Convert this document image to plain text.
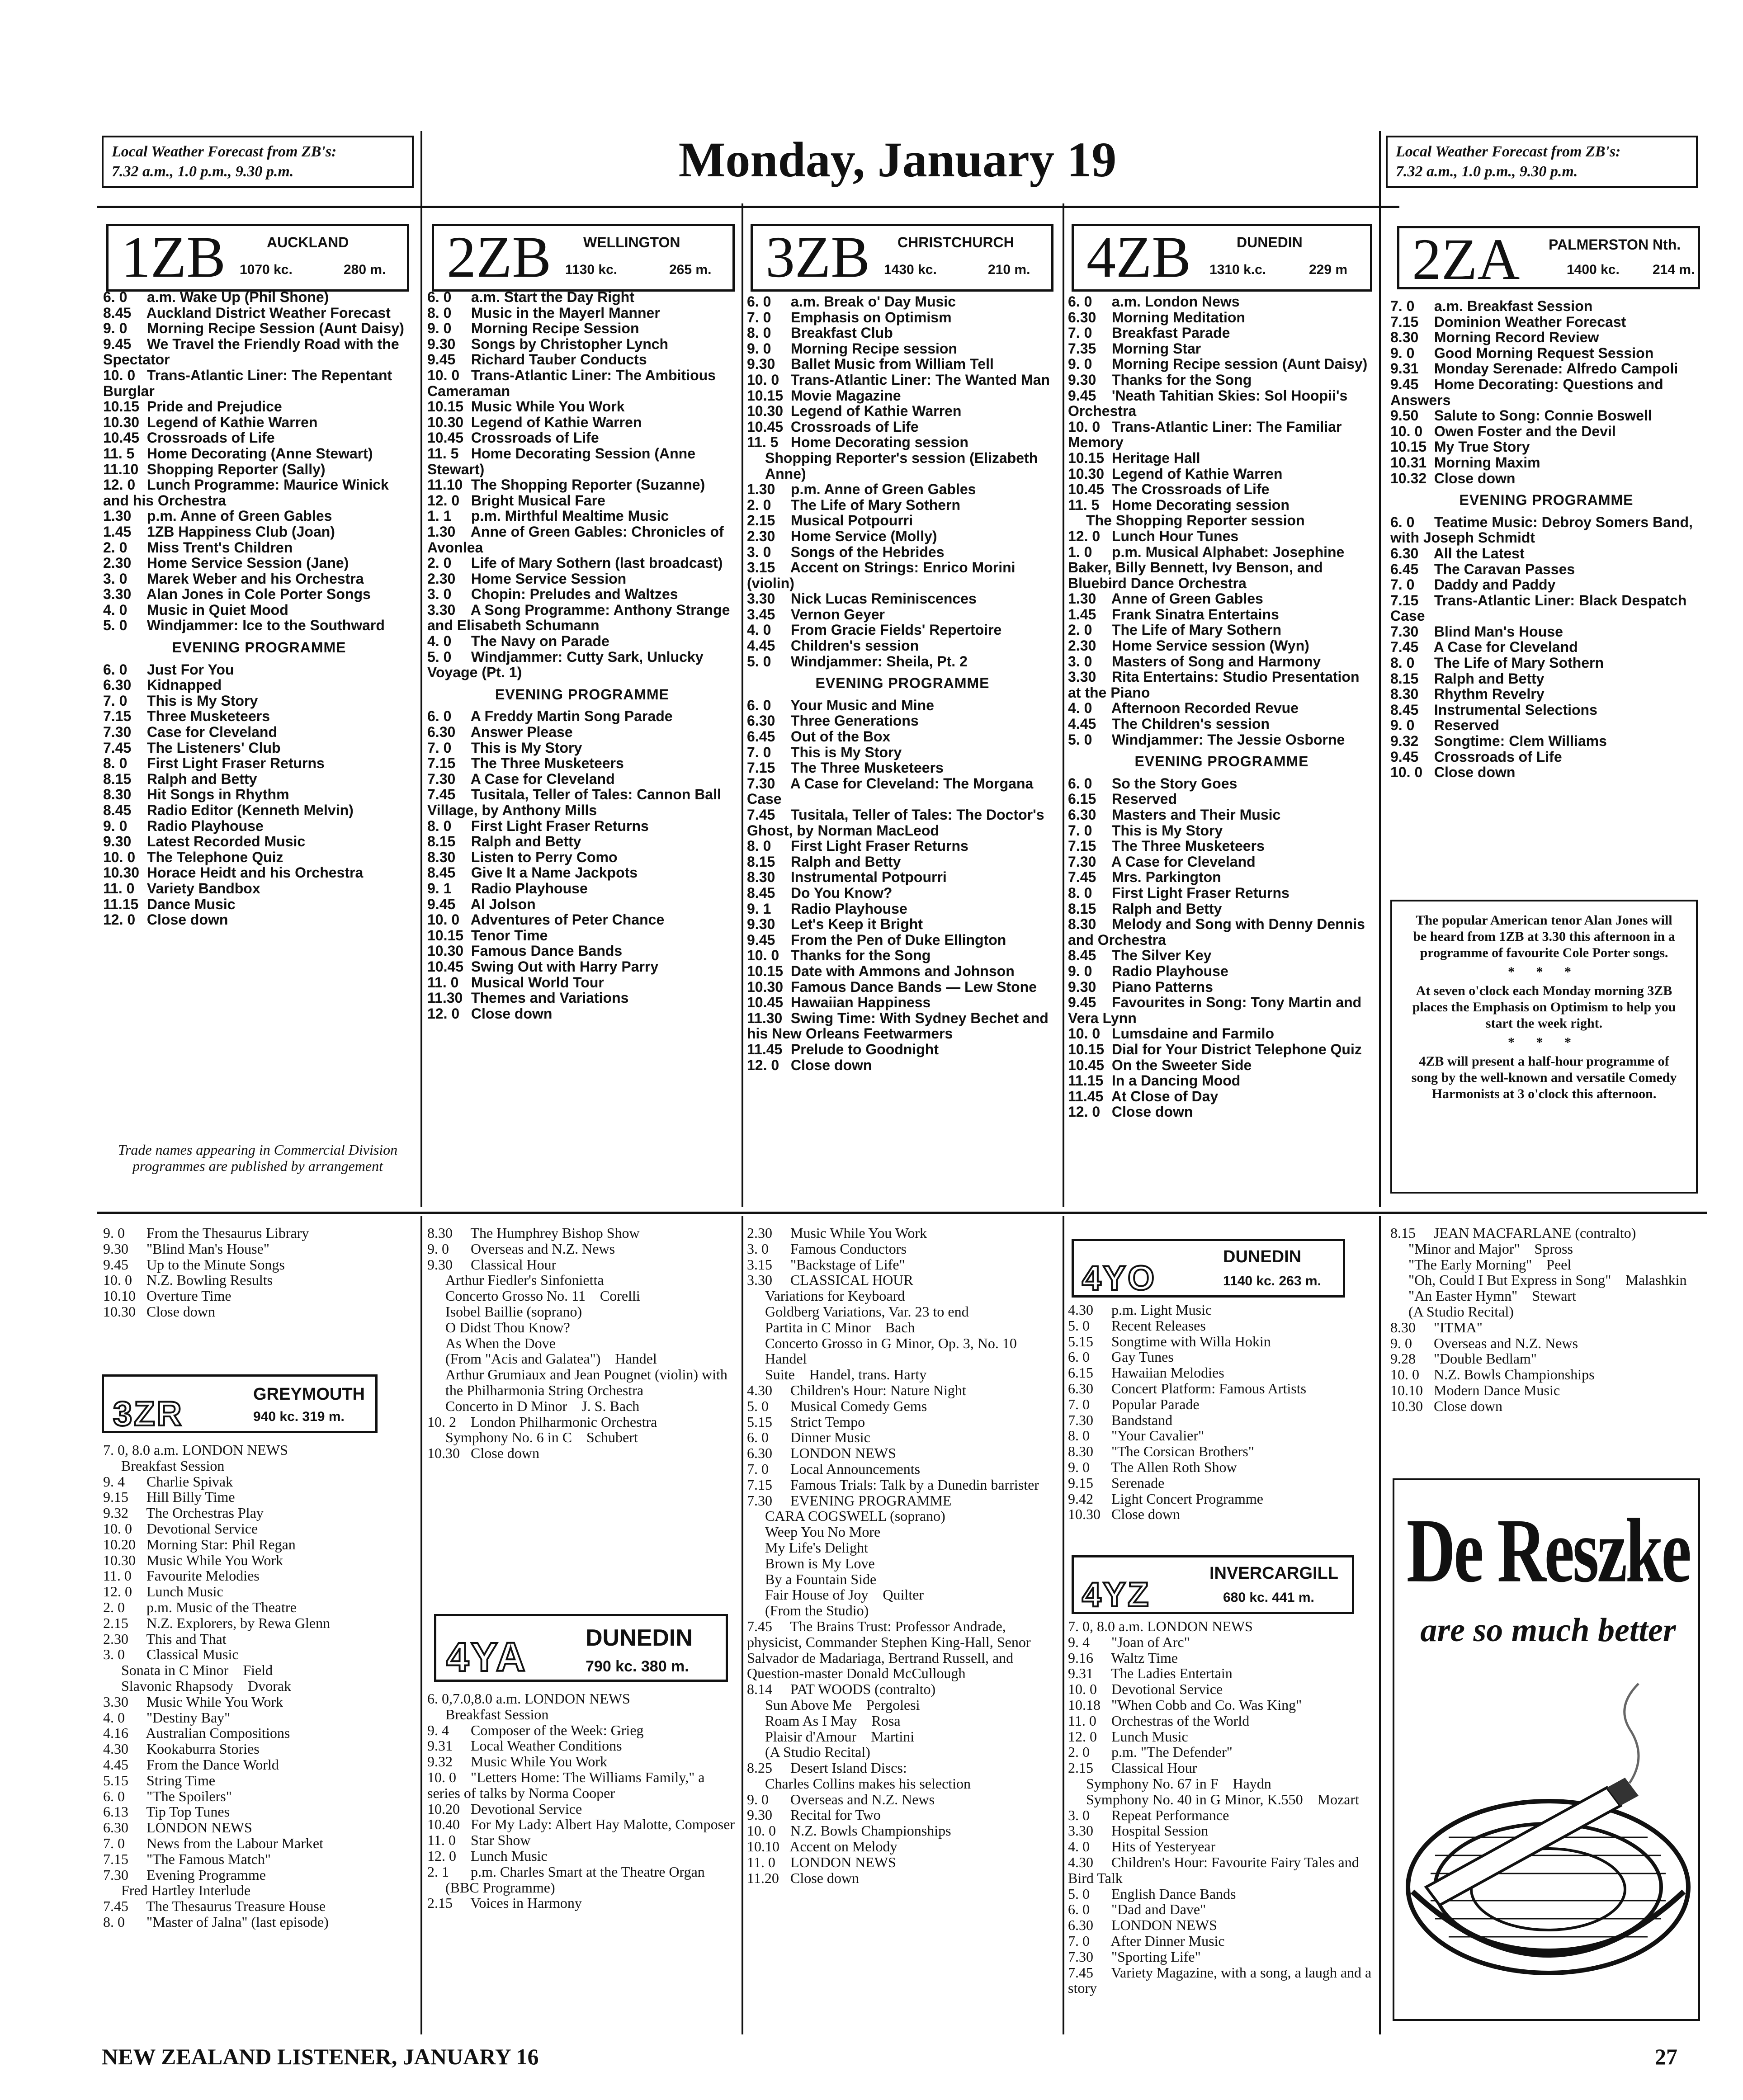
Local Weather Forecast from ZB's:
7.32 a.m., 1.0 p.m., 9.30 p.m.	Monday, January 19	Local Weather Forecast from ZB's:
7.32 a.m., 1.0 p.m., 9.30 p.m.
1ZB	AUCKLAND
1070 kc.	280 m. 2ZB WELLINGTON
1130 kc.	265 m. 3ZB CHRISTCHURCH
1430 kc.	210 m. 4ZB	DUNEDIN
1310 k.c.	229 m 2ZA PALMERSTON Nth.
1400 kc. 214 m.
6. 0 a.m. Wake Up (Phil Shone)
8.45 Auckland District Weather Forecast
9. 0 Morning Recipe Session (Aunt Daisy)
9.45 We Travel the Friendly Road with the Spectator
10. 0 Trans-Atlantic Liner: The Repentant Burglar
10.15 Pride and Prejudice
10.30 Legend of Kathie Warren
10.45 Crossroads of Life
11. 5 Home Decorating (Anne Stewart)
11.10 Shopping Reporter (Sally)
12. 0 Lunch Programme: Maurice Winick and his Orchestra
1.30 p.m. Anne of Green Gables
1.45 1ZB Happiness Club (Joan)
2. 0 Miss Trent's Children
2.30 Home Service Session (Jane)
3. 0 Marek Weber and his Orchestra
3.30 Alan Jones in Cole Porter Songs
4. 0 Music in Quiet Mood
5. 0 Windjammer: Ice to the Southward
EVENING PROGRAMME
6. 0 Just For You
6.30 Kidnapped
7. 0 This is My Story
7.15 Three Musketeers
7.30 Case for Cleveland
7.45 The Listeners' Club
8. 0 First Light Fraser Returns
8.15 Ralph and Betty
8.30 Hit Songs in Rhythm
8.45 Radio Editor (Kenneth Melvin)
9. 0 Radio Playhouse
9.30 Latest Recorded Music
10. 0 The Telephone Quiz
10.30 Horace Heidt and his Orchestra
11. 0 Variety Bandbox
11.15 Dance Music
12. 0 Close down
Trade names appearing in Commercial Division programmes are published by arrangement
6. 0 a.m. Start the Day Right
8. 0 Music in the Mayerl Manner
9. 0 Morning Recipe Session
9.30 Songs by Christopher Lynch
9.45 Richard Tauber Conducts
10. 0 Trans-Atlantic Liner: The Ambitious Cameraman
10.15 Music While You Work
10.30 Legend of Kathie Warren
10.45 Crossroads of Life
11. 5 Home Decorating Session (Anne Stewart)
11.10 The Shopping Reporter (Suzanne)
12. 0 Bright Musical Fare
1. 1 p.m. Mirthful Mealtime Music
1.30 Anne of Green Gables: Chronicles of Avonlea
2. 0 Life of Mary Sothern (last broadcast)
2.30 Home Service Session
3. 0 Chopin: Preludes and Waltzes
3.30 A Song Programme: Anthony Strange and Elisabeth Schumann
4. 0 The Navy on Parade
5. 0 Windjammer: Cutty Sark, Unlucky Voyage (Pt. 1)
EVENING PROGRAMME
6. 0 A Freddy Martin Song Parade
6.30 Answer Please
7. 0 This is My Story
7.15 The Three Musketeers
7.30 A Case for Cleveland
7.45 Tusitala, Teller of Tales: Cannon Ball Village, by Anthony Mills
8. 0 First Light Fraser Returns
8.15 Ralph and Betty
8.30 Listen to Perry Como
8.45 Give It a Name Jackpots
9. 1 Radio Playhouse
9.45 Al Jolson
10. 0 Adventures of Peter Chance
10.15 Tenor Time
10.30 Famous Dance Bands
10.45 Swing Out with Harry Parry
11. 0 Musical World Tour
11.30 Themes and Variations
12. 0 Close down
6. 0 a.m. Break o' Day Music
7. 0 Emphasis on Optimism
8. 0 Breakfast Club
9. 0 Morning Recipe session
9.30 Ballet Music from William Tell
10. 0 Trans-Atlantic Liner: The Wanted Man
10.15 Movie Magazine
10.30 Legend of Kathie Warren
10.45 Crossroads of Life
11. 5 Home Decorating session
Shopping Reporter's session (Elizabeth Anne)
1.30 p.m. Anne of Green Gables
2. 0 The Life of Mary Sothern
2.15 Musical Potpourri
2.30 Home Service (Molly)
3. 0 Songs of the Hebrides
3.15 Accent on Strings: Enrico Morini (violin)
3.30 Nick Lucas Reminiscences
3.45 Vernon Geyer
4. 0 From Gracie Fields' Repertoire
4.45 Children's session
5. 0 Windjammer: Sheila, Pt. 2
EVENING PROGRAMME
6. 0 Your Music and Mine
6.30 Three Generations
6.45 Out of the Box
7. 0 This is My Story
7.15 The Three Musketeers
7.30 A Case for Cleveland: The Morgana Case
7.45 Tusitala, Teller of Tales: The Doctor's Ghost, by Norman MacLeod
8. 0 First Light Fraser Returns
8.15 Ralph and Betty
8.30 Instrumental Potpourri
8.45 Do You Know?
9. 1 Radio Playhouse
9.30 Let's Keep it Bright
9.45 From the Pen of Duke Ellington
10. 0 Thanks for the Song
10.15 Date with Ammons and Johnson
10.30 Famous Dance Bands — Lew Stone
10.45 Hawaiian Happiness
11.30 Swing Time: With Sydney Bechet and his New Orleans Feetwarmers
11.45 Prelude to Goodnight
12. 0 Close down
6. 0 a.m. London News
6.30 Morning Meditation
7. 0 Breakfast Parade
7.35 Morning Star
9. 0 Morning Recipe session (Aunt Daisy)
9.30 Thanks for the Song
9.45 'Neath Tahitian Skies: Sol Hoopii's Orchestra
10. 0 Trans-Atlantic Liner: The Familiar Memory
10.15 Heritage Hall
10.30 Legend of Kathie Warren
10.45 The Crossroads of Life
11. 5 Home Decorating session
The Shopping Reporter session
12. 0 Lunch Hour Tunes
1. 0 p.m. Musical Alphabet: Josephine Baker, Billy Bennett, Ivy Benson, and Bluebird Dance Orchestra
1.30 Anne of Green Gables
1.45 Frank Sinatra Entertains
2. 0 The Life of Mary Sothern
2.30 Home Service session (Wyn)
3. 0 Masters of Song and Harmony
3.30 Rita Entertains: Studio Presentation at the Piano
4. 0 Afternoon Recorded Revue
4.45 The Children's session
5. 0 Windjammer: The Jessie Osborne
EVENING PROGRAMME
6. 0 So the Story Goes
6.15 Reserved
6.30 Masters and Their Music
7. 0 This is My Story
7.15 The Three Musketeers
7.30 A Case for Cleveland
7.45 Mrs. Parkington
8. 0 First Light Fraser Returns
8.15 Ralph and Betty
8.30 Melody and Song with Denny Dennis and Orchestra
8.45 The Silver Key
9. 0 Radio Playhouse
9.30 Piano Patterns
9.45 Favourites in Song: Tony Martin and Vera Lynn
10. 0 Lumsdaine and Farmilo
10.15 Dial for Your District Telephone Quiz
10.45 On the Sweeter Side
11.15 In a Dancing Mood
11.45 At Close of Day
12. 0 Close down
7. 0 a.m. Breakfast Session
7.15 Dominion Weather Forecast
8.30 Morning Record Review
9. 0 Good Morning Request Session
9.31 Monday Serenade: Alfredo Campoli
9.45 Home Decorating: Questions and Answers
9.50 Salute to Song: Connie Boswell
10. 0 Owen Foster and the Devil
10.15 My True Story
10.31 Morning Maxim
10.32 Close down
EVENING PROGRAMME
6. 0 Teatime Music: Debroy Somers Band, with Joseph Schmidt
6.30 All the Latest
6.45 The Caravan Passes
7. 0 Daddy and Paddy
7.15 Trans-Atlantic Liner: Black Despatch Case
7.30 Blind Man's House
7.45 A Case for Cleveland
8. 0 The Life of Mary Sothern
8.15 Ralph and Betty
8.30 Rhythm Revelry
8.45 Instrumental Selections
9. 0 Reserved
9.32 Songtime: Clem Williams
9.45 Crossroads of Life
10. 0 Close down
The popular American tenor Alan Jones will be heard from 1ZB at 3.30 this afternoon in a programme of favourite Cole Porter songs.
* * *
At seven o'clock each Monday morning 3ZB places the Emphasis on Optimism to help you start the week right.
* * *
4ZB will present a half-hour programme of song by the well-known and versatile Comedy Harmonists at 3 o'clock this afternoon.
9. 0 From the Thesaurus Library
9.30 "Blind Man's House"
9.45 Up to the Minute Songs
10. 0 N.Z. Bowling Results
10.10 Overture Time
10.30 Close down
3ZR
GREYMOUTH
940 kc. 319 m.
7. 0, 8.0 a.m. LONDON NEWS
Breakfast Session
9. 4 Charlie Spivak
9.15 Hill Billy Time
9.32 The Orchestras Play
10. 0 Devotional Service
10.20 Morning Star: Phil Regan
10.30 Music While You Work
11. 0 Favourite Melodies
12. 0 Lunch Music
2. 0 p.m. Music of the Theatre
2.15 N.Z. Explorers, by Rewa Glenn
2.30 This and That
3. 0 Classical Music
Sonata in C Minor    Field
Slavonic Rhapsody    Dvorak
3.30 Music While You Work
4. 0 "Destiny Bay"
4.16 Australian Compositions
4.30 Kookaburra Stories
4.45 From the Dance World
5.15 String Time
6. 0 "The Spoilers"
6.13 Tip Top Tunes
6.30 LONDON NEWS
7. 0 News from the Labour Market
7.15 "The Famous Match"
7.30 Evening Programme
Fred Hartley Interlude
7.45 The Thesaurus Treasure House
8. 0 "Master of Jalna" (last episode)
8.30 The Humphrey Bishop Show
9. 0 Overseas and N.Z. News
9.30 Classical Hour
Arthur Fiedler's Sinfonietta
Concerto Grosso No. 11    Corelli
Isobel Baillie (soprano)
O Didst Thou Know?
As When the Dove
(From "Acis and Galatea")    Handel
Arthur Grumiaux and Jean Pougnet (violin) with the Philharmonia String Orchestra
Concerto in D Minor    J. S. Bach
10. 2 London Philharmonic Orchestra
Symphony No. 6 in C    Schubert
10.30 Close down
4YA DUNEDIN
790 kc. 380 m.
6. 0,7.0,8.0 a.m. LONDON NEWS
Breakfast Session
9. 4 Composer of the Week: Grieg
9.31 Local Weather Conditions
9.32 Music While You Work
10. 0 "Letters Home: The Williams Family," a series of talks by Norma Cooper
10.20 Devotional Service
10.40 For My Lady: Albert Hay Malotte, Composer
11. 0 Star Show
12. 0 Lunch Music
2. 1 p.m. Charles Smart at the Theatre Organ
(BBC Programme)
2.15 Voices in Harmony
2.30 Music While You Work
3. 0 Famous Conductors
3.15 "Backstage of Life"
3.30 CLASSICAL HOUR
Variations for Keyboard
Goldberg Variations, Var. 23 to end
Partita in C Minor    Bach
Concerto Grosso in G Minor, Op. 3, No. 10    Handel
Suite    Handel, trans. Harty
4.30 Children's Hour: Nature Night
5. 0 Musical Comedy Gems
5.15 Strict Tempo
6. 0 Dinner Music
6.30 LONDON NEWS
7. 0 Local Announcements
7.15 Famous Trials: Talk by a Dunedin barrister
7.30 EVENING PROGRAMME
CARA COGSWELL (soprano)
Weep You No More
My Life's Delight
Brown is My Love
By a Fountain Side
Fair House of Joy    Quilter
(From the Studio)
7.45 The Brains Trust: Professor Andrade, physicist, Commander Stephen King-Hall, Senor Salvador de Madariaga, Bertrand Russell, and Question-master Donald McCullough
8.14 PAT WOODS (contralto)
Sun Above Me    Pergolesi
Roam As I May    Rosa
Plaisir d'Amour    Martini
(A Studio Recital)
8.25 Desert Island Discs:
Charles Collins makes his selection
9. 0 Overseas and N.Z. News
9.30 Recital for Two
10. 0 N.Z. Bowls Championships
10.10 Accent on Melody
11. 0 LONDON NEWS
11.20 Close down
4YO
DUNEDIN
1140 kc. 263 m.
4.30 p.m. Light Music
5. 0 Recent Releases
5.15 Songtime with Willa Hokin
6. 0 Gay Tunes
6.15 Hawaiian Melodies
6.30 Concert Platform: Famous Artists
7. 0 Popular Parade
7.30 Bandstand
8. 0 "Your Cavalier"
8.30 "The Corsican Brothers"
9. 0 The Allen Roth Show
9.15 Serenade
9.42 Light Concert Programme
10.30 Close down
4YZ
INVERCARGILL
680 kc. 441 m.
7. 0, 8.0 a.m. LONDON NEWS
9. 4 "Joan of Arc"
9.16 Waltz Time
9.31 The Ladies Entertain
10. 0 Devotional Service
10.18 "When Cobb and Co. Was King"
11. 0 Orchestras of the World
12. 0 Lunch Music
2. 0 p.m. "The Defender"
2.15 Classical Hour
Symphony No. 67 in F    Haydn
Symphony No. 40 in G Minor, K.550    Mozart
3. 0 Repeat Performance
3.30 Hospital Session
4. 0 Hits of Yesteryear
4.30 Children's Hour: Favourite Fairy Tales and Bird Talk
5. 0 English Dance Bands
6. 0 "Dad and Dave"
6.30 LONDON NEWS
7. 0 After Dinner Music
7.30 "Sporting Life"
7.45 Variety Magazine, with a song, a laugh and a story
8.15 JEAN MACFARLANE (contralto)
"Minor and Major"    Spross
"The Early Morning"    Peel
"Oh, Could I But Express in Song"    Malashkin
"An Easter Hymn"    Stewart
(A Studio Recital)
8.30 "ITMA"
9. 0 Overseas and N.Z. News
9.28 "Double Bedlam"
10. 0 N.Z. Bowls Championships
10.10 Modern Dance Music
10.30 Close down
De Reszke
are so much better
NEW ZEALAND LISTENER, JANUARY 16	27
